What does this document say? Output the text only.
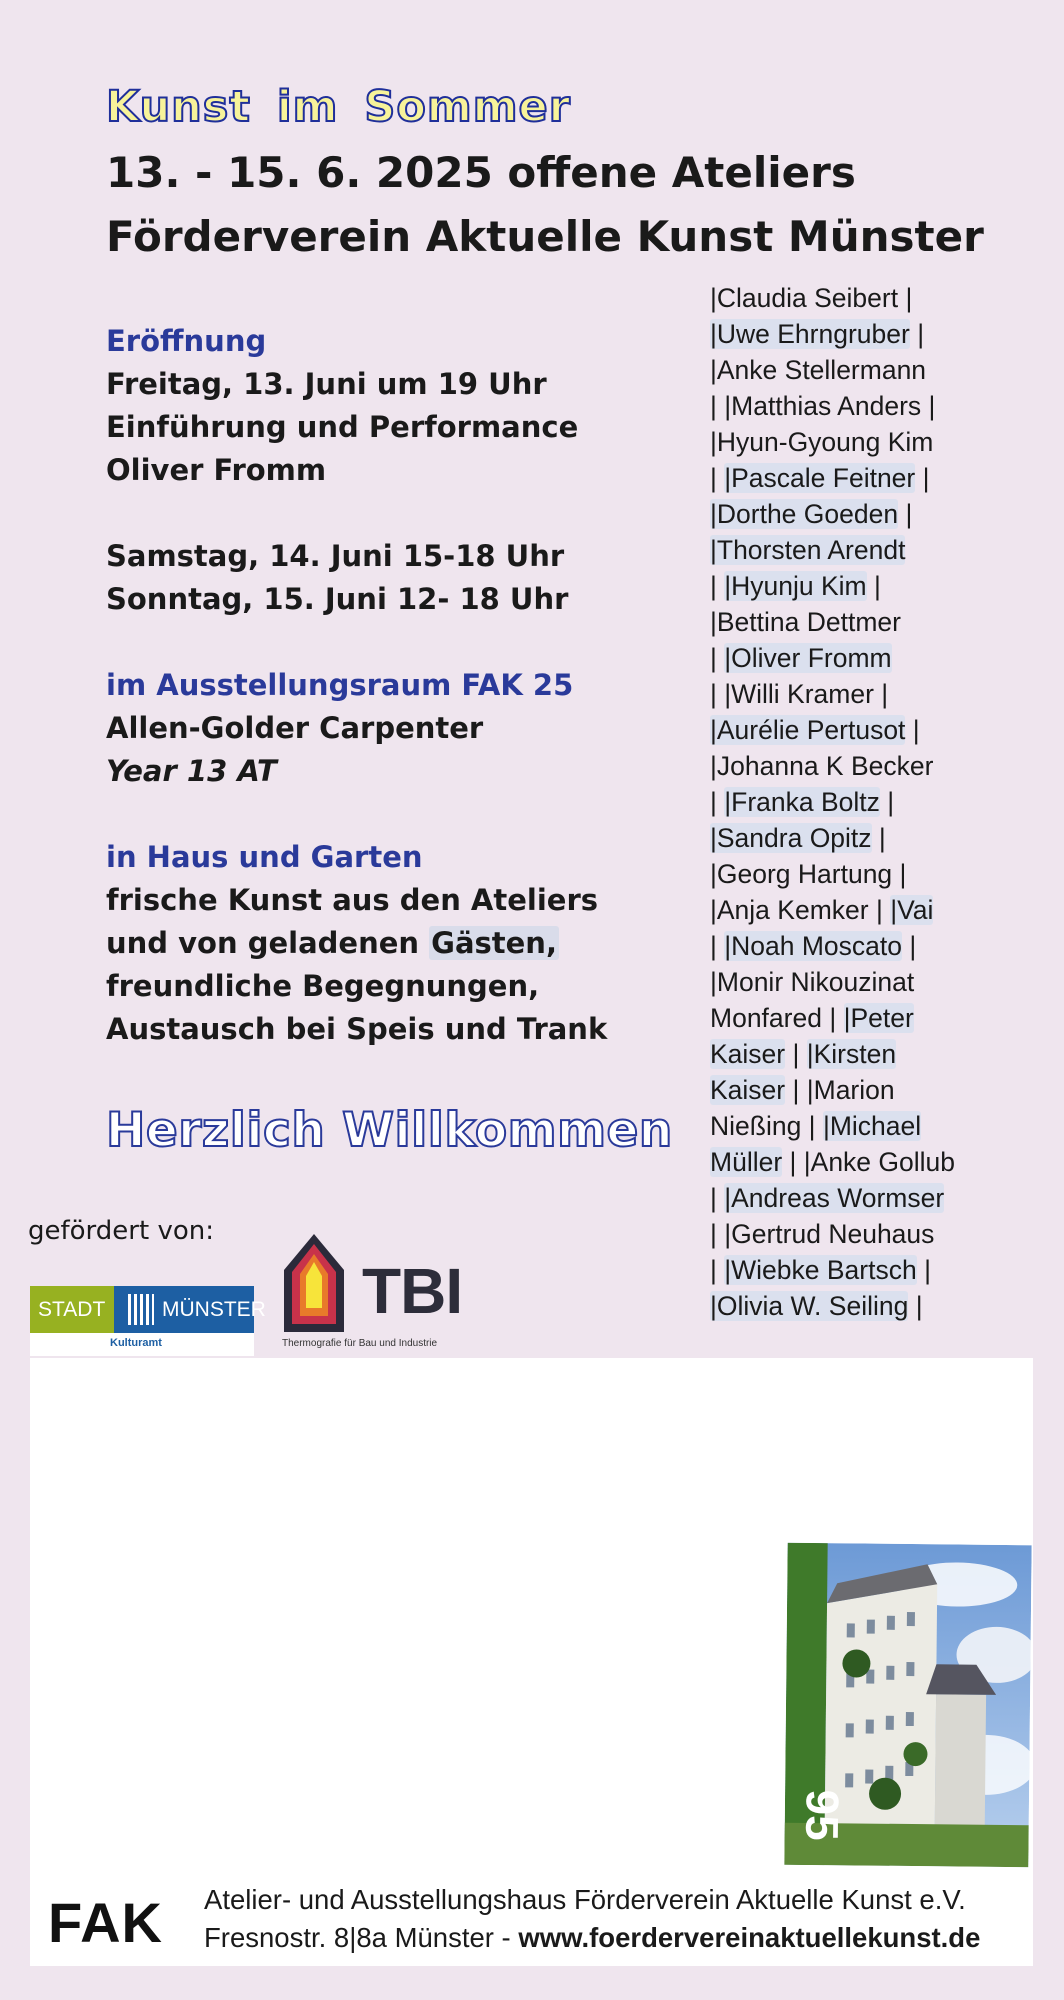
Kunst im Sommer
13. - 15. 6. 2025 offene Ateliers
Förderverein Aktuelle Kunst Münster
Eröffnung
Freitag, 13. Juni um 19 Uhr
Einführung und Performance
Oliver Fromm
Samstag, 14. Juni 15-18 Uhr
Sonntag, 15. Juni 12- 18 Uhr
im Ausstellungsraum FAK 25
Allen-Golder Carpenter
Year 13 AT
in Haus und Garten
frische Kunst aus den Ateliers
und von geladenen Gästen,
freundliche Begegnungen,
Austausch bei Speis und Trank
Herzlich Willkommen
|Claudia Seibert |
|Uwe Ehrngruber |
|Anke Stellermann
| |Matthias Anders |
|Hyun-Gyoung Kim
| |Pascale Feitner |
|Dorthe Goeden |
|Thorsten Arendt
| |Hyunju Kim |
|Bettina Dettmer
| |Oliver Fromm
| |Willi Kramer |
|Aurélie Pertusot |
|Johanna K Becker
| |Franka Boltz |
|Sandra Opitz |
|Georg Hartung |
|Anja Kemker | |Vai
| |Noah Moscato |
|Monir Nikouzinat
Monfared | |Peter
Kaiser | |Kirsten
Kaiser | |Marion
Nießing | |Michael
Müller | |Anke Gollub
| |Andreas Wormser
| |Gertrud Neuhaus
| |Wiebke Bartsch |
|Olivia W. Seiling |
gefördert von:
STADT	MÜNSTER
Kulturamt
TBI
Thermografie für Bau und Industrie
95
FAK Atelier- und Ausstellungshaus Förderverein Aktuelle Kunst e.V.
Fresnostr. 8|8a Münster - www.foerdervereinaktuellekunst.de
